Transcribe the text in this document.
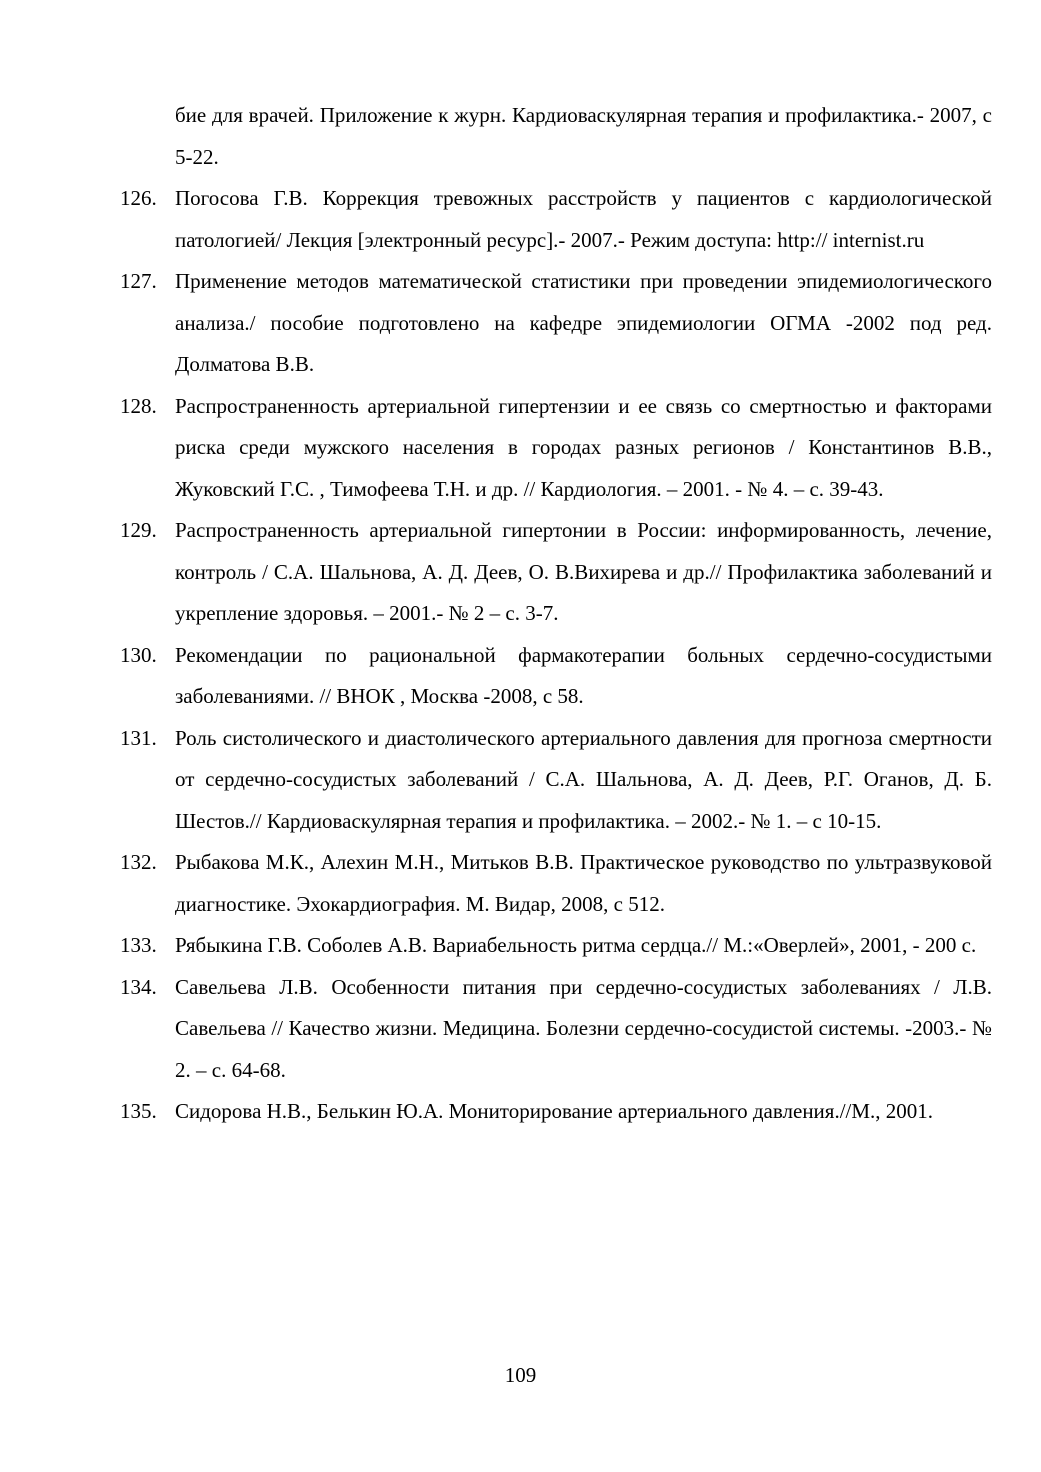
бие для врачей. Приложение к журн. Кардиоваскулярная терапия и профилактика.- 2007, с 5-22.
126. Погосова Г.В. Коррекция тревожных расстройств у пациентов с кардиологической патологией/ Лекция [электронный ресурс].- 2007.- Режим доступа: http:// internist.ru
127. Применение методов математической статистики при проведении эпидемиологического анализа./ пособие подготовлено на кафедре эпидемиологии ОГМА -2002 под ред. Долматова В.В.
128. Распространенность артериальной гипертензии и ее связь со смертностью и факторами риска среди мужского населения в городах разных регионов / Константинов В.В., Жуковский Г.С. , Тимофеева Т.Н. и др. // Кардиология. – 2001. - № 4. – с. 39-43.
129. Распространенность артериальной гипертонии в России: информированность, лечение, контроль / С.А. Шальнова, А. Д. Деев, О. В.Вихирева и др.// Профилактика заболеваний и укрепление здоровья. – 2001.- № 2 – с. 3-7.
130. Рекомендации по рациональной фармакотерапии больных сердечно-сосудистыми заболеваниями. // ВНОК , Москва -2008, с 58.
131. Роль систолического и диастолического артериального давления для прогноза смертности от сердечно-сосудистых заболеваний / С.А. Шальнова, А. Д. Деев, Р.Г. Оганов, Д. Б. Шестов.// Кардиоваскулярная терапия и профилактика. – 2002.- № 1. – с 10-15.
132. Рыбакова М.К., Алехин М.Н., Митьков В.В. Практическое руководство по ультразвуковой диагностике. Эхокардиография. М. Видар, 2008, с 512.
133. Рябыкина Г.В. Соболев А.В. Вариабельность ритма сердца.// М.:«Оверлей», 2001, - 200 с.
134. Савельева Л.В. Особенности питания при сердечно-сосудистых заболеваниях / Л.В. Савельева // Качество жизни. Медицина. Болезни сердечно-сосудистой системы. -2003.- № 2. – с. 64-68.
135. Сидорова Н.В., Белькин Ю.А. Мониторирование артериального давления.//М., 2001.
109
